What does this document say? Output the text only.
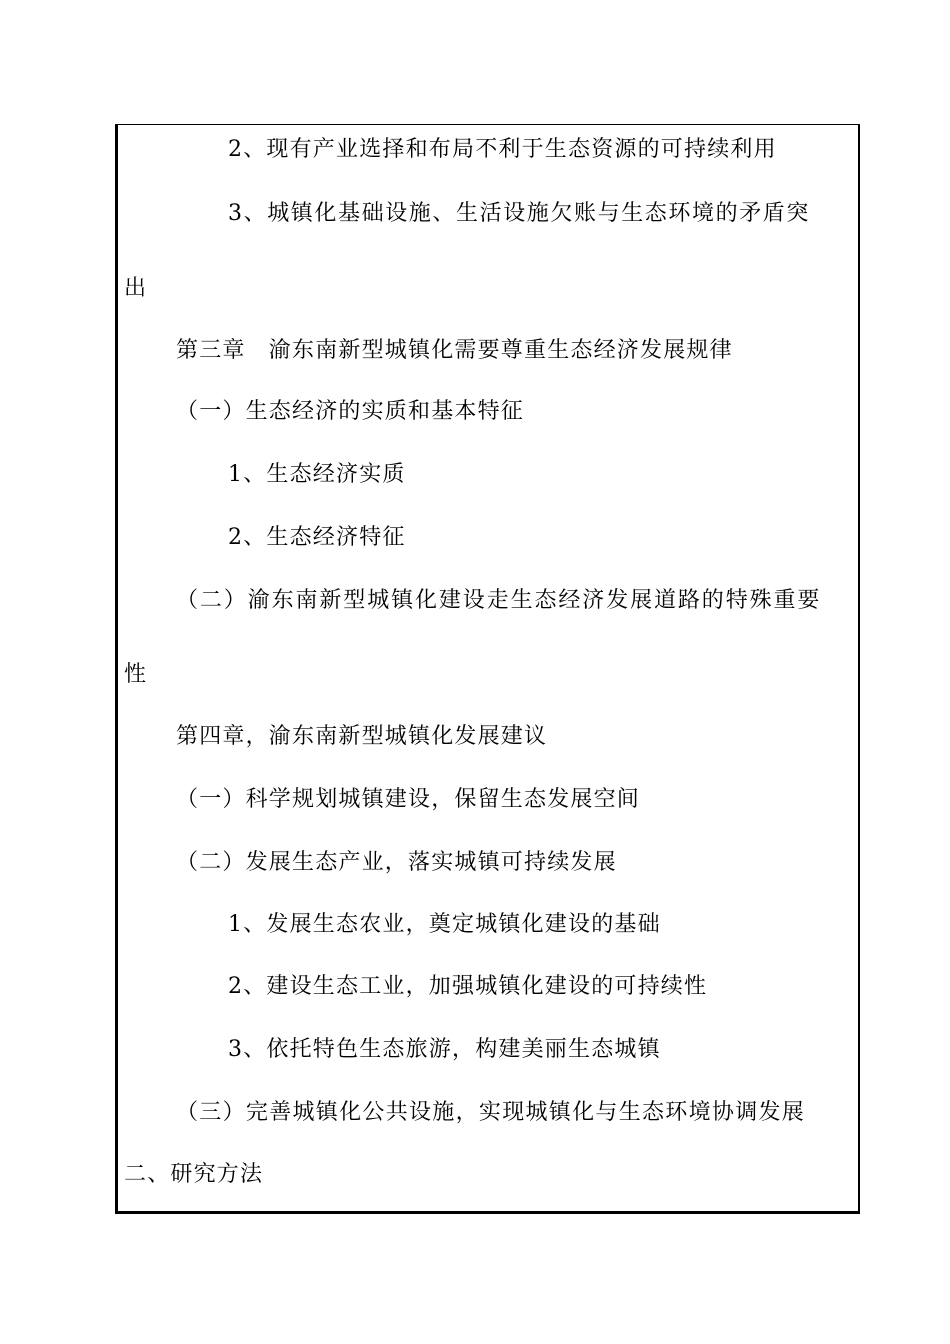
2、现有产业选择和布局不利于生态资源的可持续利用
3、城镇化基础设施、生活设施欠账与生态环境的矛盾突
出
第三章　渝东南新型城镇化需要尊重生态经济发展规律
（一）生态经济的实质和基本特征
1、生态经济实质
2、生态经济特征
（二）渝东南新型城镇化建设走生态经济发展道路的特殊重要
性
第四章，渝东南新型城镇化发展建议
（一）科学规划城镇建设，保留生态发展空间
（二）发展生态产业，落实城镇可持续发展
1、发展生态农业，奠定城镇化建设的基础
2、建设生态工业，加强城镇化建设的可持续性
3、依托特色生态旅游，构建美丽生态城镇
（三）完善城镇化公共设施，实现城镇化与生态环境协调发展
二、研究方法
